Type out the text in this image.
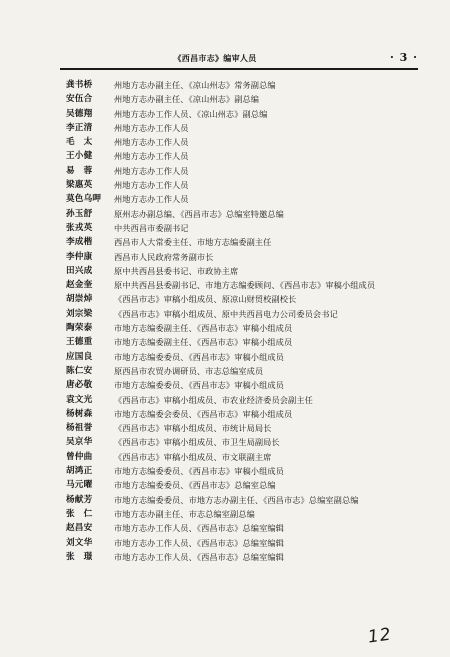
《西昌市志》编审人员	· 3 ·
龚书桥	州地方志办副主任、《凉山州志》常务副总编
安伍合	州地方志办副主任、《凉山州志》副总编
吴德翔	州地方志办工作人员、《凉山州志》副总编
李正清	州地方志办工作人员
毛　太	州地方志办工作人员
王小健	州地方志办工作人员
易　蓉	州地方志办工作人员
梁惠英	州地方志办工作人员
莫色乌呷 州地方志办工作人员
孙玉舒	原州志办副总编、《西昌市志》总编室特邀总编
张戎英	中共西昌市委副书记
李成楷	西昌市人大常委主任、市地方志编委副主任
李仲康	西昌市人民政府常务副市长
田兴成	原中共西昌县委书记、市政协主席
赵金奎	原中共西昌县委副书记、市地方志编委顾问、《西昌市志》审稿小组成员
胡崇焯	《西昌市志》审稿小组成员、原凉山财贸校副校长
刘宗梁	《西昌市志》审稿小组成员、原中共西昌电力公司委员会书记
陶荣泰	市地方志编委副主任、《西昌市志》审稿小组成员
王德重	市地方志编委副主任、《西昌市志》审稿小组成员
应国良	市地方志编委委员、《西昌市志》审稿小组成员
陈仁安	原西昌市农贸办调研员、市志总编室成员
唐必敬	市地方志编委委员、《西昌市志》审稿小组成员
袁文光	《西昌市志》审稿小组成员、市农业经济委员会副主任
杨树森	市地方志编委会委员、《西昌市志》审稿小组成员
杨祖誉	《西昌市志》审稿小组成员、市统计局局长
吴京华	《西昌市志》审稿小组成员、市卫生局副局长
曾仲曲	《西昌市志》审稿小组成员、市文联副主席
胡鸿正	市地方志编委委员、《西昌市志》审稿小组成员
马元曜	市地方志编委委员、《西昌市志》总编室总编
杨献芳	市地方志编委委员、市地方志办副主任、《西昌市志》总编室副总编
张　仁	市地方志办副主任、市志总编室副总编
赵昌安	市地方志办工作人员、《西昌市志》总编室编辑
刘文华	市地方志办工作人员、《西昌市志》总编室编辑
张　璟	市地方志办工作人员、《西昌市志》总编室编辑
12
